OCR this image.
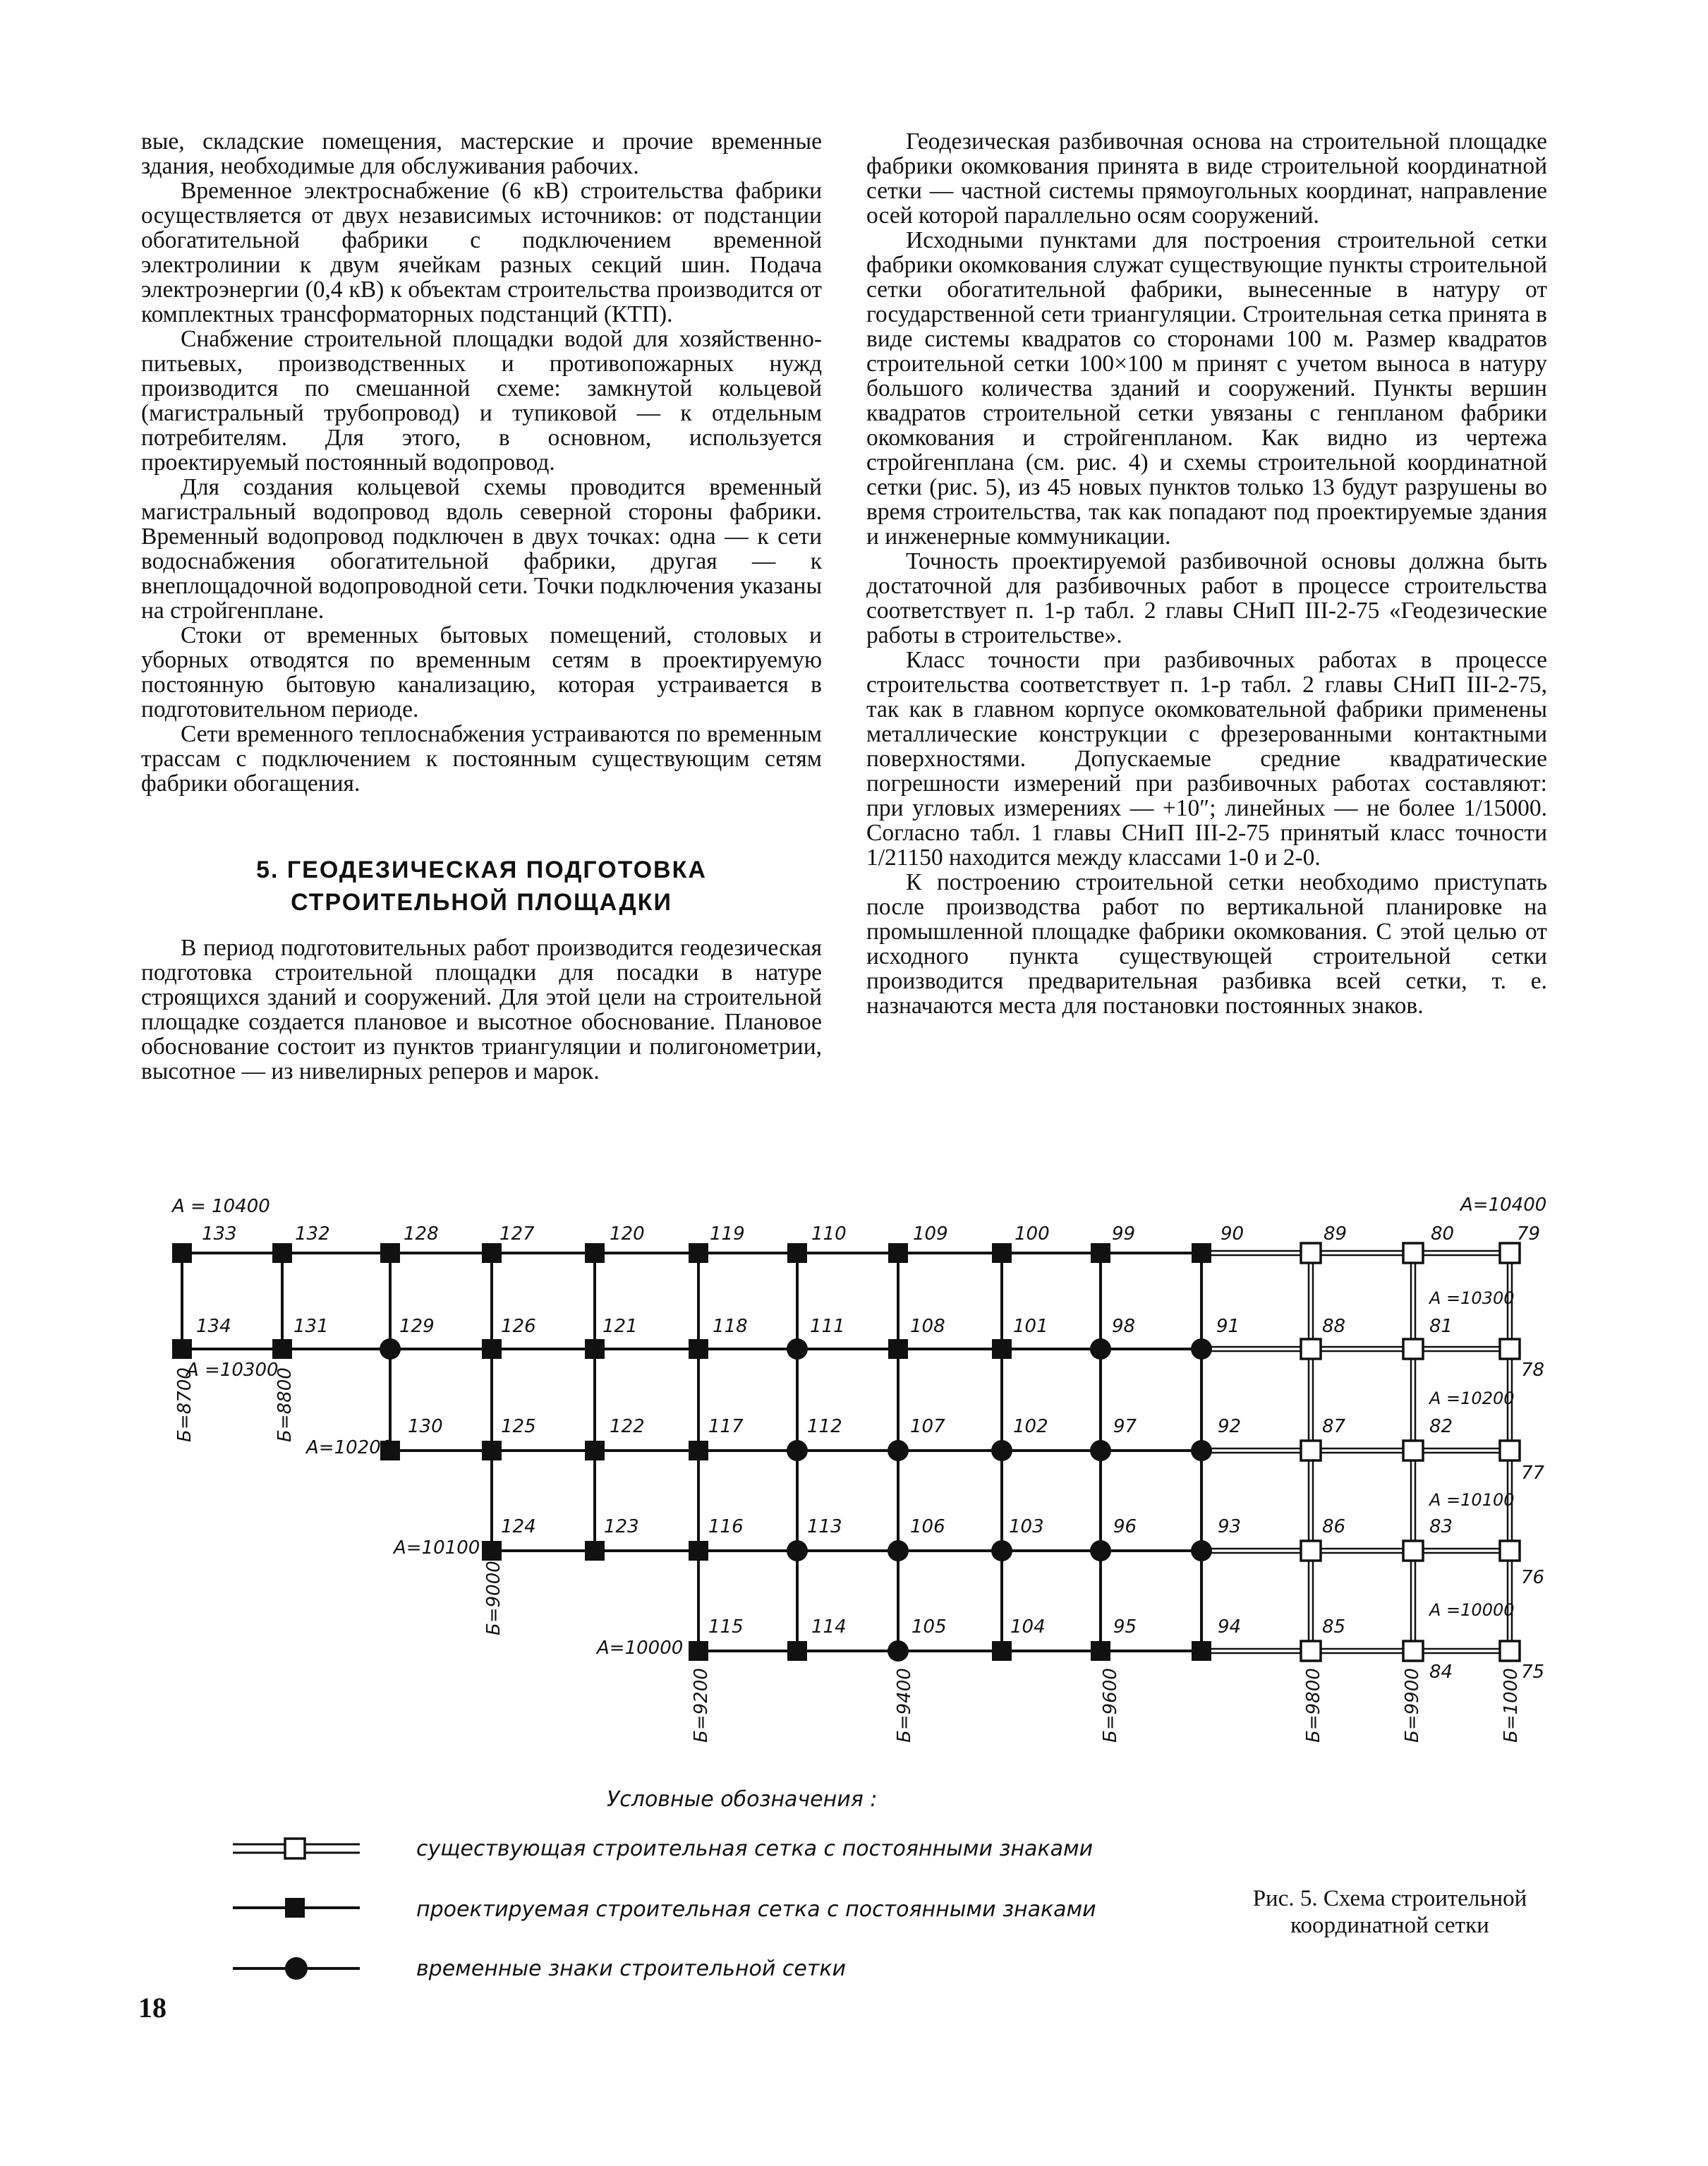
вые, складские помещения, мастерские и прочие временные здания, необходимые для обслуживания рабочих.

Временное электроснабжение (6 кВ) строительства фабрики осуществляется от двух независимых источников: от подстанции обогатительной фабрики с подключением временной электролинии к двум ячейкам разных секций шин. Подача электроэнергии (0,4 кВ) к объектам строительства производится от комплектных трансформаторных подстанций (КТП).

Снабжение строительной площадки водой для хозяйственно-питьевых, производственных и противопожарных нужд производится по смешанной схеме: замкнутой кольцевой (магистральный трубопровод) и тупиковой — к отдельным потребителям. Для этого, в основном, используется проектируемый постоянный водопровод.

Для создания кольцевой схемы проводится временный магистральный водопровод вдоль северной стороны фабрики. Временный водопровод подключен в двух точках: одна — к сети водоснабжения обогатительной фабрики, другая — к внеплощадочной водопроводной сети. Точки подключения указаны на стройгенплане.

Стоки от временных бытовых помещений, столовых и уборных отводятся по временным сетям в проектируемую постоянную бытовую канализацию, которая устраивается в подготовительном периоде.

Сети временного теплоснабжения устраиваются по временным трассам с подключением к постоянным существующим сетям фабрики обогащения.

5. ГЕОДЕЗИЧЕСКАЯ ПОДГОТОВКА
СТРОИТЕЛЬНОЙ ПЛОЩАДКИ

В период подготовительных работ производится геодезическая подготовка строительной площадки для посадки в натуре строящихся зданий и сооружений. Для этой цели на строительной площадке создается плановое и высотное обоснование. Плановое обоснование состоит из пунктов триангуляции и полигонометрии, высотное — из нивелирных реперов и марок.

Геодезическая разбивочная основа на строительной площадке фабрики окомкования принята в виде строительной координатной сетки — частной системы прямоугольных координат, направление осей которой параллельно осям сооружений.

Исходными пунктами для построения строительной сетки фабрики окомкования служат существующие пункты строительной сетки обогатительной фабрики, вынесенные в натуру от государственной сети триангуляции. Строительная сетка принята в виде системы квадратов со сторонами 100 м. Размер квадратов строительной сетки 100×100 м принят с учетом выноса в натуру большого количества зданий и сооружений. Пункты вершин квадратов строительной сетки увязаны с генпланом фабрики окомкования и стройгенпланом. Как видно из чертежа стройгенплана (см. рис. 4) и схемы строительной координатной сетки (рис. 5), из 45 новых пунктов только 13 будут разрушены во время строительства, так как попадают под проектируемые здания и инженерные коммуникации.

Точность проектируемой разбивочной основы должна быть достаточной для разбивочных работ в процессе строительства соответствует п. 1-р табл. 2 главы СНиП III-2-75 «Геодезические работы в строительстве».

Класс точности при разбивочных работах в процессе строительства соответствует п. 1-р табл. 2 главы СНиП III-2-75, так как в главном корпусе окомковательной фабрики применены металлические конструкции с фрезерованными контактными поверхностями. Допускаемые средние квадратические погрешности измерений при разбивочных работах составляют: при угловых измерениях — +10″; линейных — не более 1/15000. Согласно табл. 1 главы СНиП III-2-75 принятый класс точности 1/21150 находится между классами 1-0 и 2-0.

К построению строительной сетки необходимо приступать после производства работ по вертикальной планировке на промышленной площадке фабрики окомкования. С этой целью от исходного пункта существующей строительной сетки производится предварительная разбивка всей сетки, т. е. назначаются места для постановки постоянных знаков.

133	132	128	127	120	119	110	109	100	99	90	89	80	79
134	131	129	126	121	118	111	108	101	98	91	88	81
130	125	122	117	112	107	102	97	92	87	82
124	123	116	113	106	103	96	93	86	83
115	114	105	104	95	94	85
84
78
77
76
75
А = 10400	А=10400
А =10300
А =10300
А=10200
А =10200
А=10100
А =10100
А=10000
А =10000
Б=8700	Б=8800
Б=9000
Б=9200	Б=9400	Б=9600	Б=9800	Б=9900	Б=1000
Условные обозначения :
существующая строительная сетка с постоянными знаками
проектируемая строительная сетка с постоянными знаками
временные знаки строительной сетки
Рис. 5. Схема строительной
координатной сетки
18
